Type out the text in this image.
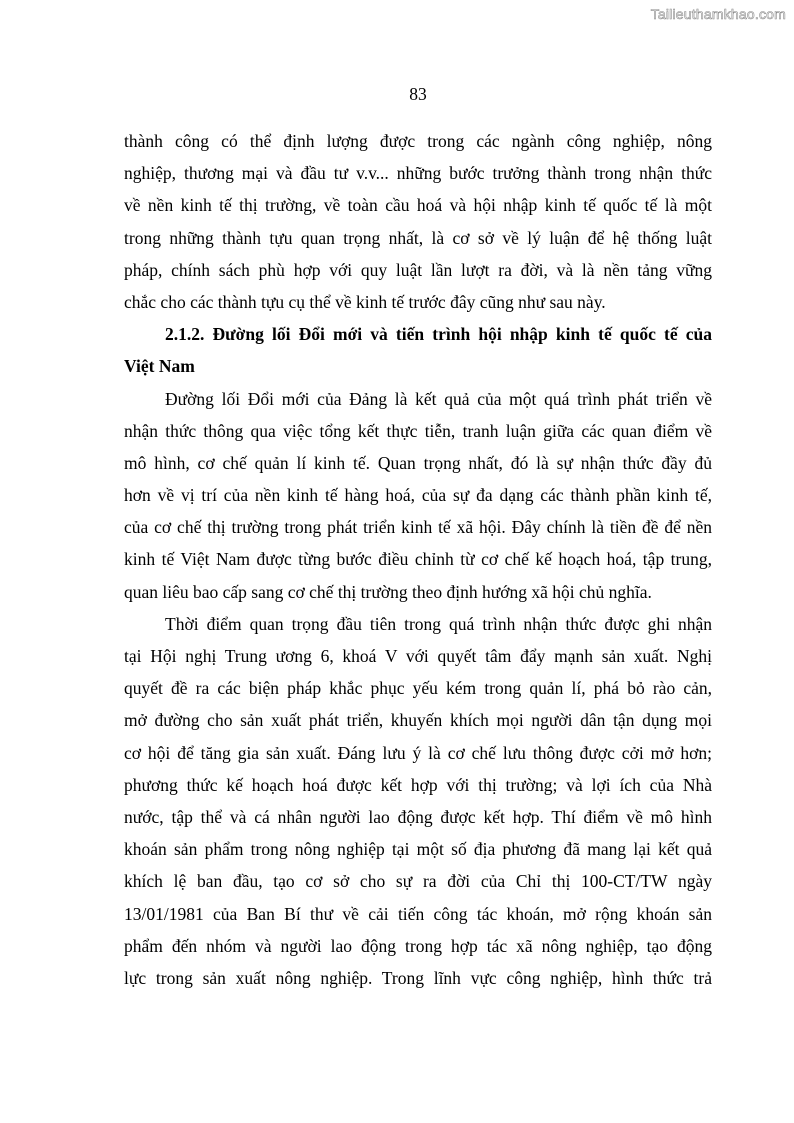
Tailieuthamkhao.com
83
thành công có thể định lượng được trong các ngành công nghiệp, nông
nghiệp, thương mại và đầu tư v.v... những bước trưởng thành trong nhận thức
về nền kinh tế thị trường, về toàn cầu hoá và hội nhập kinh tế quốc tế là một
trong những thành tựu quan trọng nhất, là cơ sở về lý luận để hệ thống luật
pháp, chính sách phù hợp với quy luật lần lượt ra đời, và là nền tảng vững
chắc cho các thành tựu cụ thể về kinh tế trước đây cũng như sau này.
2.1.2. Đường lối Đổi mới và tiến trình hội nhập kinh tế quốc tế của
Việt Nam
Đường lối Đổi mới của Đảng là kết quả của một quá trình phát triển về
nhận thức thông qua việc tổng kết thực tiễn, tranh luận giữa các quan điểm về
mô hình, cơ chế quản lí kinh tế. Quan trọng nhất, đó là sự nhận thức đầy đủ
hơn về vị trí của nền kinh tế hàng hoá, của sự đa dạng các thành phần kinh tế,
của cơ chế thị trường trong phát triển kinh tế xã hội. Đây chính là tiền đề để nền
kinh tế Việt Nam được từng bước điều chỉnh từ cơ chế kế hoạch hoá, tập trung,
quan liêu bao cấp sang cơ chế thị trường theo định hướng xã hội chủ nghĩa.
Thời điểm quan trọng đầu tiên trong quá trình nhận thức được ghi nhận
tại Hội nghị Trung ương 6, khoá V với quyết tâm đẩy mạnh sản xuất. Nghị
quyết đề ra các biện pháp khắc phục yếu kém trong quản lí, phá bỏ rào cản,
mở đường cho sản xuất phát triển, khuyến khích mọi người dân tận dụng mọi
cơ hội để tăng gia sản xuất. Đáng lưu ý là cơ chế lưu thông được cởi mở hơn;
phương thức kế hoạch hoá được kết hợp với thị trường; và lợi ích của Nhà
nước, tập thể và cá nhân người lao động được kết hợp. Thí điểm về mô hình
khoán sản phẩm trong nông nghiệp tại một số địa phương đã mang lại kết quả
khích lệ ban đầu, tạo cơ sở cho sự ra đời của Chỉ thị 100-CT/TW ngày
13/01/1981 của Ban Bí thư về cải tiến công tác khoán, mở rộng khoán sản
phẩm đến nhóm và người lao động trong hợp tác xã nông nghiệp, tạo động
lực trong sản xuất nông nghiệp. Trong lĩnh vực công nghiệp, hình thức trả
